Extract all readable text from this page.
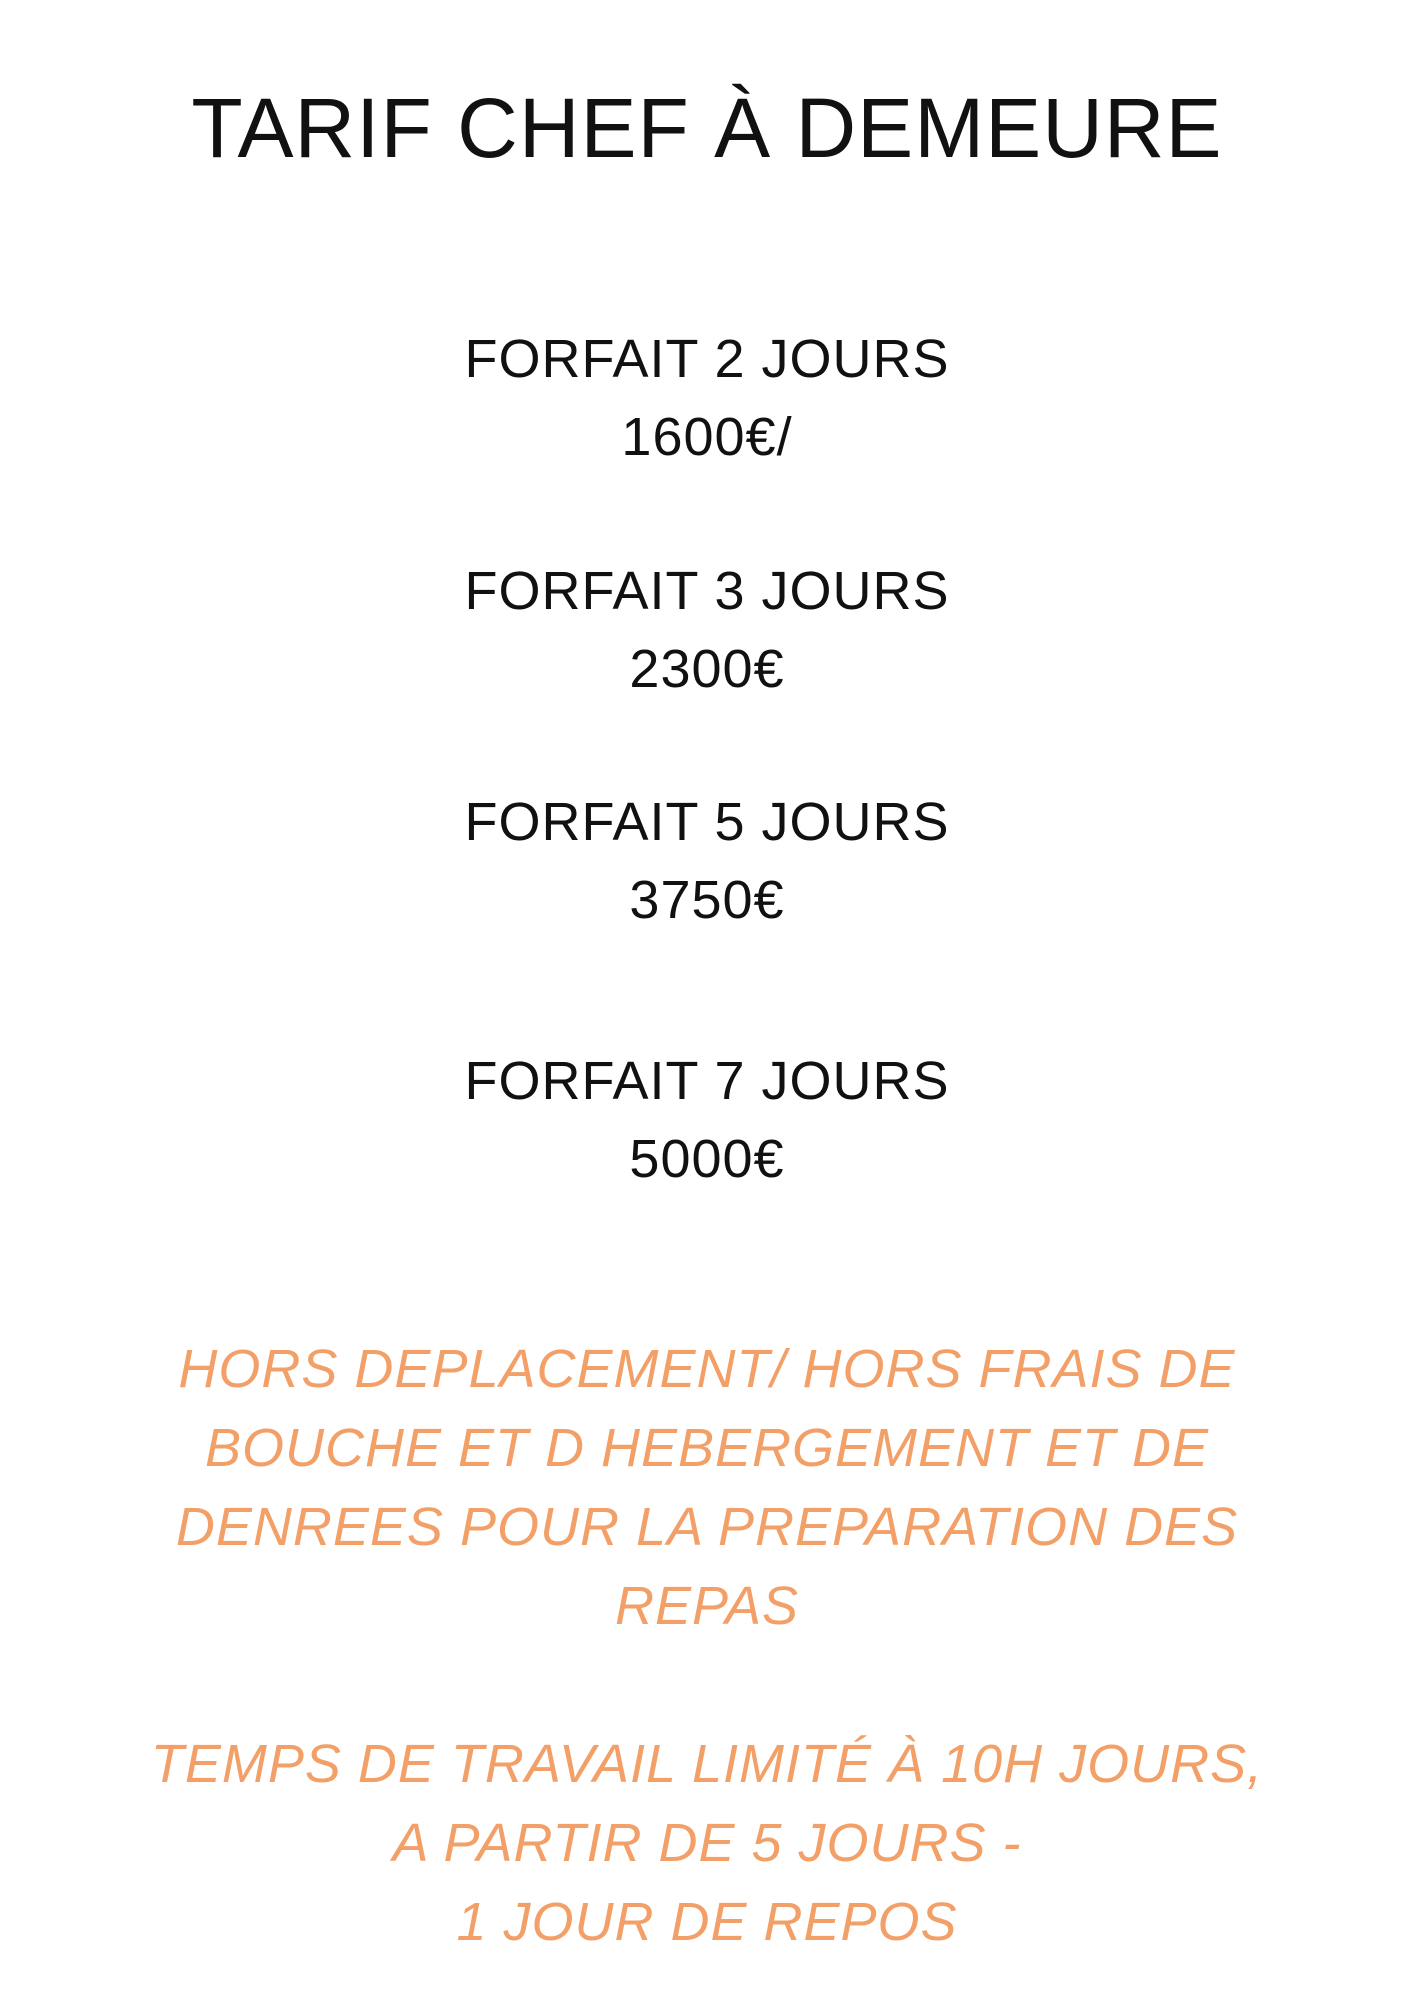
TARIF CHEF À DEMEURE
FORFAIT 2 JOURS
1600€/
FORFAIT 3 JOURS
2300€
FORFAIT 5 JOURS
3750€
FORFAIT 7 JOURS
5000€
HORS DEPLACEMENT/ HORS FRAIS DE
BOUCHE ET D HEBERGEMENT ET DE
DENREES POUR LA PREPARATION DES
REPAS
TEMPS DE TRAVAIL LIMITÉ À 10H JOURS,
A PARTIR DE 5 JOURS -
1 JOUR DE REPOS
